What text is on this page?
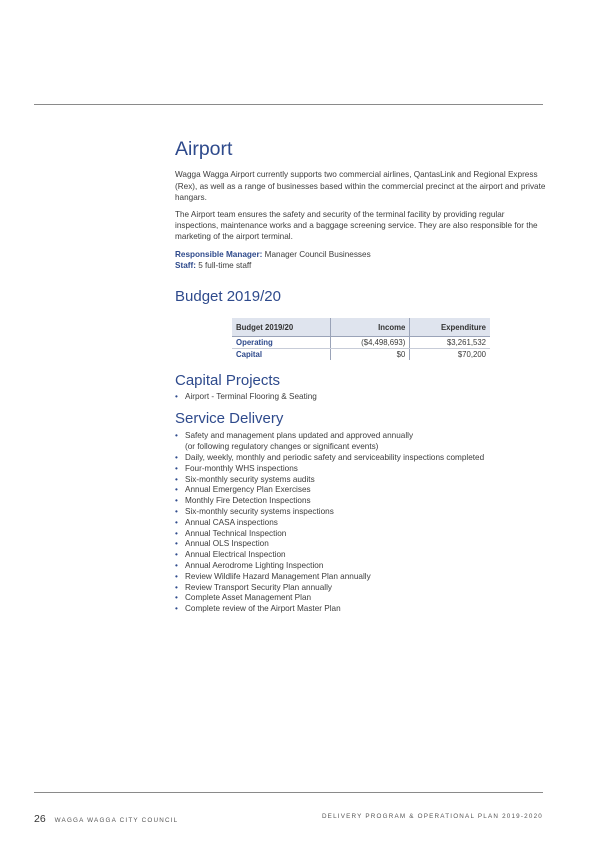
Airport

Wagga Wagga Airport currently supports two commercial airlines, QantasLink and Regional Express (Rex), as well as a range of businesses based within the commercial precinct at the airport and private hangars.

The Airport team ensures the safety and security of the terminal facility by providing regular inspections, maintenance works and a baggage screening service. They are also responsible for the marketing of the airport terminal.

Responsible Manager: Manager Council Businesses
Staff: 5 full-time staff
Budget 2019/20
Budget 2019/20	Income	Expenditure
Operating	($4,498,693)	$3,261,532
Capital	$0	$70,200
Capital Projects
• Airport - Terminal Flooring & Seating
Service Delivery
• Safety and management plans updated and approved annually
(or following regulatory changes or significant events)
• Daily, weekly, monthly and periodic safety and serviceability inspections completed
• Four-monthly WHS inspections
• Six-monthly security systems audits
• Annual Emergency Plan Exercises
• Monthly Fire Detection Inspections
• Six-monthly security systems inspections
• Annual CASA inspections
• Annual Technical Inspection
• Annual OLS Inspection
• Annual Electrical Inspection
• Annual Aerodrome Lighting Inspection
• Review Wildlife Hazard Management Plan annually
• Review Transport Security Plan annually
• Complete Asset Management Plan
• Complete review of the Airport Master Plan
26 WAGGA WAGGA CITY COUNCIL
DELIVERY PROGRAM & OPERATIONAL PLAN 2019-2020
